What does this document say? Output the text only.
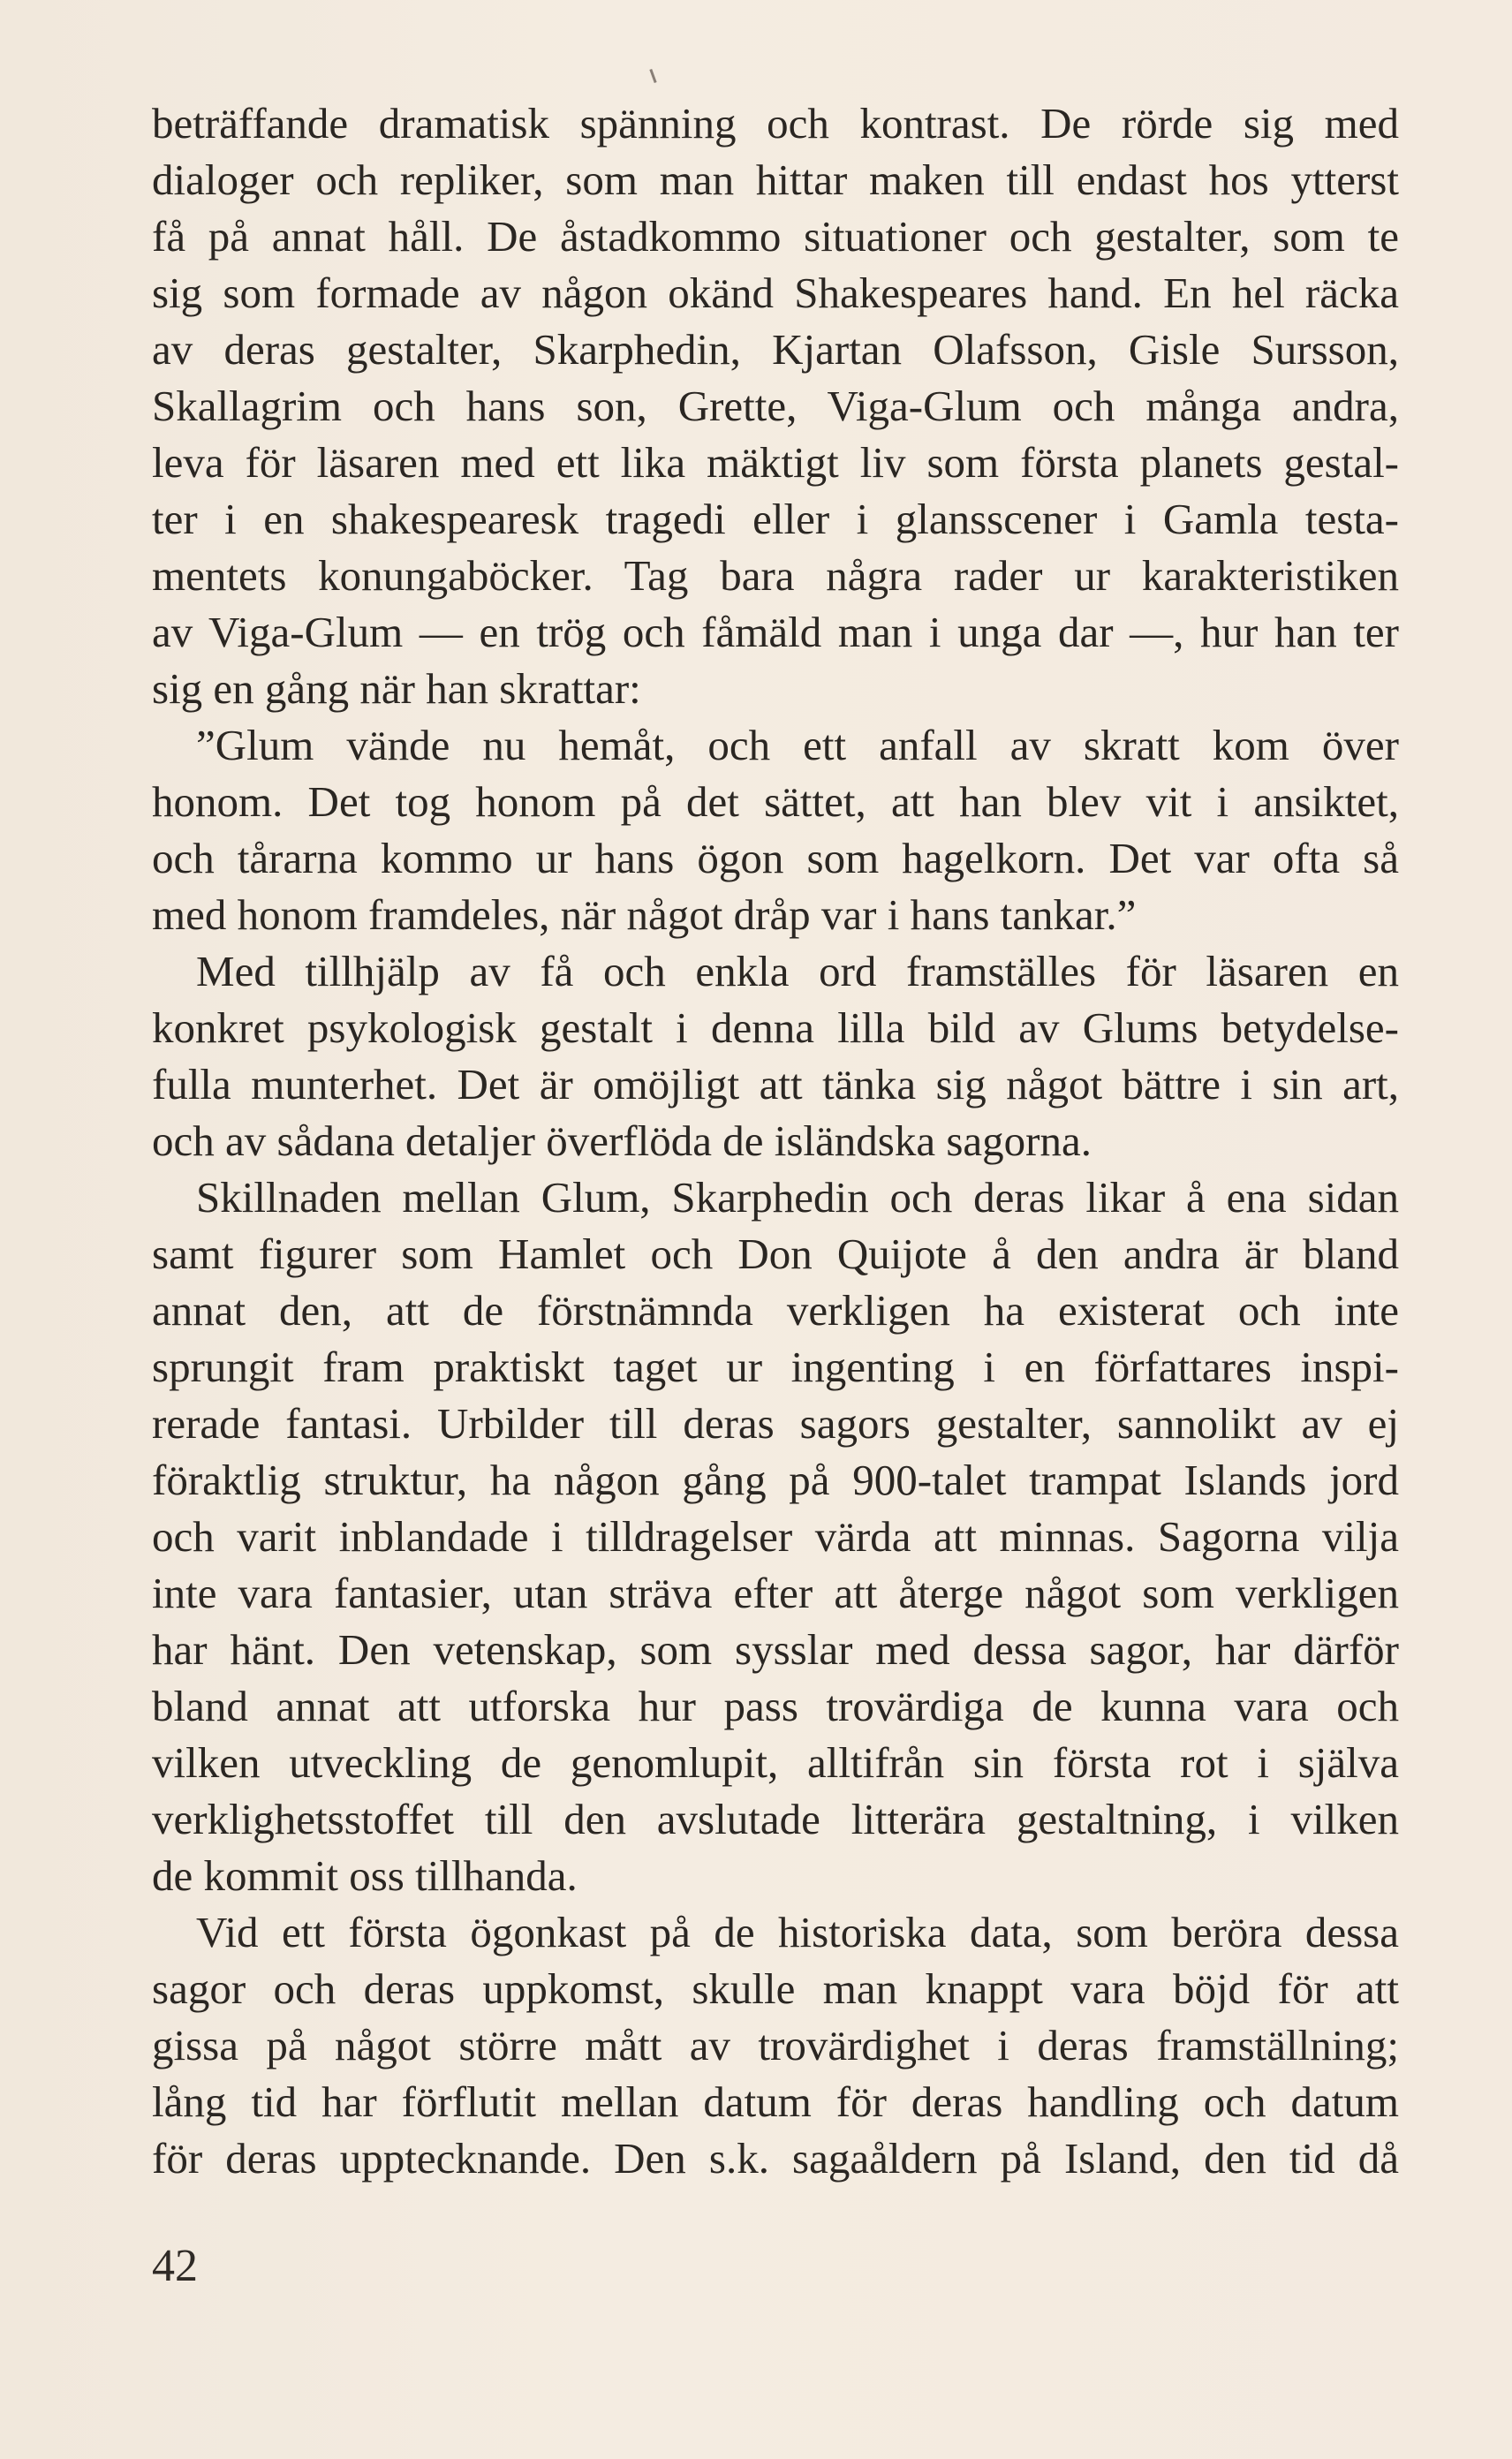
beträffande dramatisk spänning och kontrast. De rörde sig med
dialoger och repliker, som man hittar maken till endast hos ytterst
få på annat håll. De åstadkommo situationer och gestalter, som te
sig som formade av någon okänd Shakespeares hand. En hel räcka
av deras gestalter, Skarphedin, Kjartan Olafsson, Gisle Sursson,
Skallagrim och hans son, Grette, Viga-Glum och många andra,
leva för läsaren med ett lika mäktigt liv som första planets gestal-
ter i en shakespearesk tragedi eller i glansscener i Gamla testa-
mentets konungaböcker. Tag bara några rader ur karakteristiken
av Viga-Glum — en trög och fåmäld man i unga dar —, hur han ter
sig en gång när han skrattar:
”Glum vände nu hemåt, och ett anfall av skratt kom över
honom. Det tog honom på det sättet, att han blev vit i ansiktet,
och tårarna kommo ur hans ögon som hagelkorn. Det var ofta så
med honom framdeles, när något dråp var i hans tankar.”
Med tillhjälp av få och enkla ord framställes för läsaren en
konkret psykologisk gestalt i denna lilla bild av Glums betydelse-
fulla munterhet. Det är omöjligt att tänka sig något bättre i sin art,
och av sådana detaljer överflöda de isländska sagorna.
Skillnaden mellan Glum, Skarphedin och deras likar å ena sidan
samt figurer som Hamlet och Don Quijote å den andra är bland
annat den, att de förstnämnda verkligen ha existerat och inte
sprungit fram praktiskt taget ur ingenting i en författares inspi-
rerade fantasi. Urbilder till deras sagors gestalter, sannolikt av ej
föraktlig struktur, ha någon gång på 900-talet trampat Islands jord
och varit inblandade i tilldragelser värda att minnas. Sagorna vilja
inte vara fantasier, utan sträva efter att återge något som verkligen
har hänt. Den vetenskap, som sysslar med dessa sagor, har därför
bland annat att utforska hur pass trovärdiga de kunna vara och
vilken utveckling de genomlupit, alltifrån sin första rot i själva
verklighetsstoffet till den avslutade litterära gestaltning, i vilken
de kommit oss tillhanda.
Vid ett första ögonkast på de historiska data, som beröra dessa
sagor och deras uppkomst, skulle man knappt vara böjd för att
gissa på något större mått av trovärdighet i deras framställning;
lång tid har förflutit mellan datum för deras handling och datum
för deras upptecknande. Den s.k. sagaåldern på Island, den tid då
42
